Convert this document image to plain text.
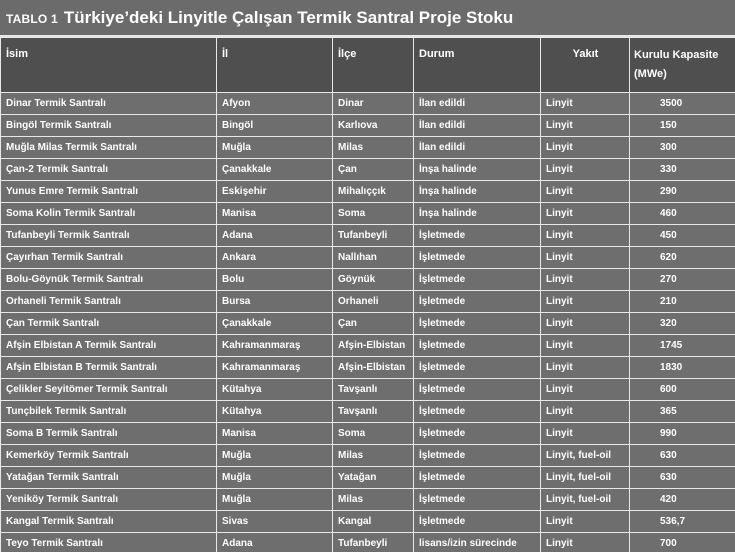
TABLO 1 Türkiye’deki Linyitle Çalışan Termik Santral Proje Stoku
İsim	İl	İlçe	Durum	Yakıt	Kurulu Kapasite
(MWe)
Dinar Termik Santralı	Afyon	Dinar	İlan edildi	Linyit	3500
Bingöl Termik Santralı	Bingöl	Karlıova	İlan edildi	Linyit	150
Muğla Milas Termik Santralı	Muğla	Milas	İlan edildi	Linyit	300
Çan-2 Termik Santralı	Çanakkale	Çan	İnşa halinde	Linyit	330
Yunus Emre Termik Santralı	Eskişehir	Mihalıççık	İnşa halinde	Linyit	290
Soma Kolin Termik Santralı	Manisa	Soma	İnşa halinde	Linyit	460
Tufanbeyli Termik Santralı	Adana	Tufanbeyli	İşletmede	Linyit	450
Çayırhan Termik Santralı	Ankara	Nallıhan	İşletmede	Linyit	620
Bolu-Göynük Termik Santralı	Bolu	Göynük	İşletmede	Linyit	270
Orhaneli Termik Santralı	Bursa	Orhaneli	İşletmede	Linyit	210
Çan Termik Santralı	Çanakkale	Çan	İşletmede	Linyit	320
Afşin Elbistan A Termik Santralı	Kahramanmaraş	Afşin-Elbistan	İşletmede	Linyit	1745
Afşin Elbistan B Termik Santralı	Kahramanmaraş	Afşin-Elbistan	İşletmede	Linyit	1830
Çelikler Seyitömer Termik Santralı	Kütahya	Tavşanlı	İşletmede	Linyit	600
Tunçbilek Termik Santralı	Kütahya	Tavşanlı	İşletmede	Linyit	365
Soma B Termik Santralı	Manisa	Soma	İşletmede	Linyit	990
Kemerköy Termik Santralı	Muğla	Milas	İşletmede	Linyit, fuel-oil	630
Yatağan Termik Santralı	Muğla	Yatağan	İşletmede	Linyit, fuel-oil	630
Yeniköy Termik Santralı	Muğla	Milas	İşletmede	Linyit, fuel-oil	420
Kangal Termik Santralı	Sivas	Kangal	İşletmede	Linyit	536,7
Teyo Termik Santralı	Adana	Tufanbeyli	lisans/izin sürecinde	Linyit	700
